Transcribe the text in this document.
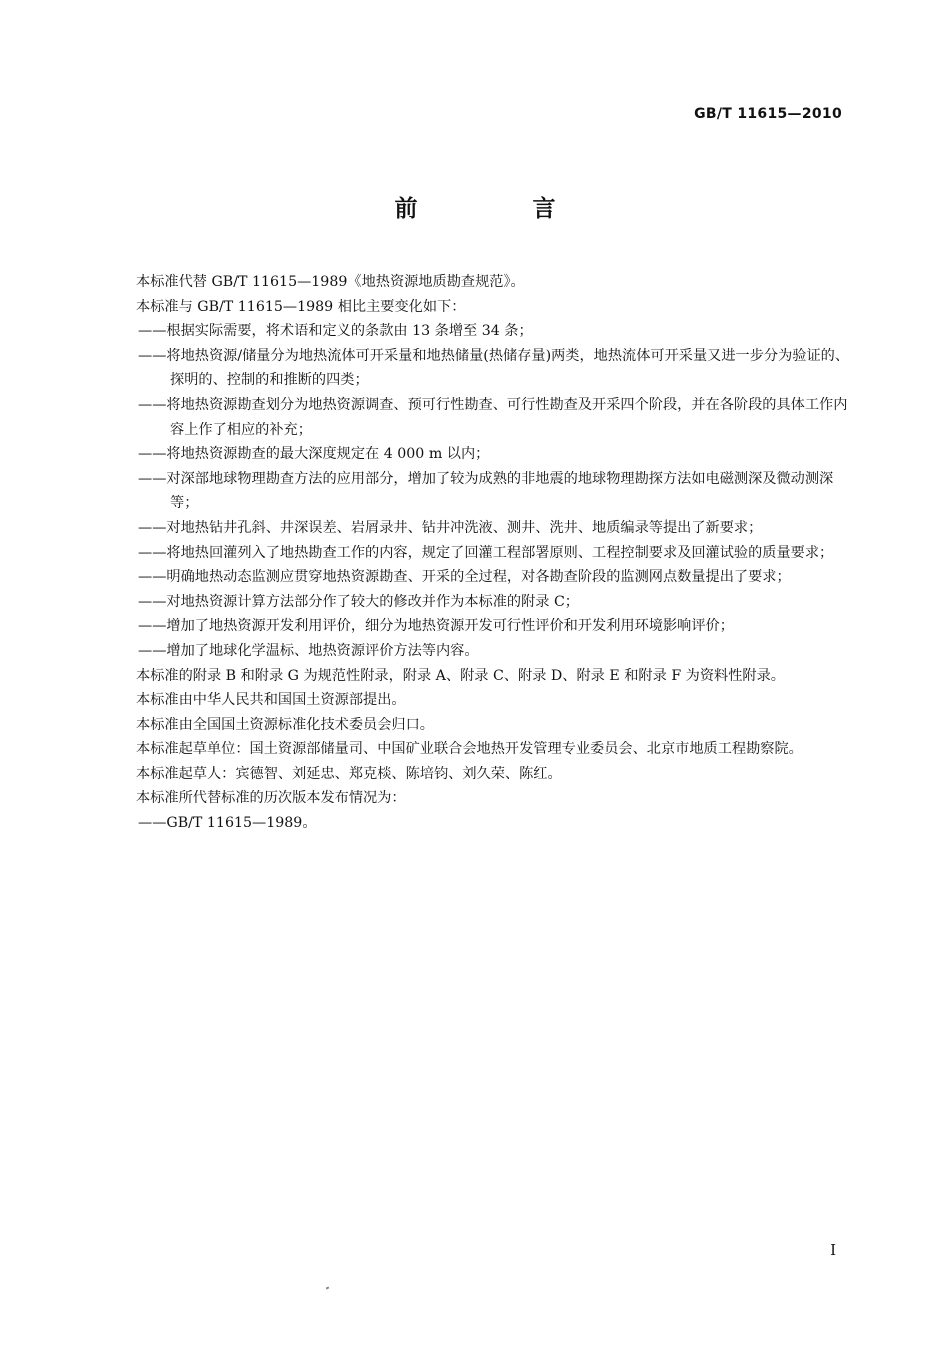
GB/T 11615—2010
前　言

本标准代替 GB/T 11615—1989《地热资源地质勘查规范》。

本标准与 GB/T 11615—1989 相比主要变化如下：

——根据实际需要，将术语和定义的条款由 13 条增至 34 条；

——将地热资源/储量分为地热流体可开采量和地热储量(热储存量)两类，地热流体可开采量又进一步分为验证的、探明的、控制的和推断的四类；

——将地热资源勘查划分为地热资源调查、预可行性勘查、可行性勘查及开采四个阶段，并在各阶段的具体工作内容上作了相应的补充；

——将地热资源勘查的最大深度规定在 4 000 m 以内；

——对深部地球物理勘查方法的应用部分，增加了较为成熟的非地震的地球物理勘探方法如电磁测深及微动测深等；

——对地热钻井孔斜、井深误差、岩屑录井、钻井冲洗液、测井、洗井、地质编录等提出了新要求；

——将地热回灌列入了地热勘查工作的内容，规定了回灌工程部署原则、工程控制要求及回灌试验的质量要求；

——明确地热动态监测应贯穿地热资源勘查、开采的全过程，对各勘查阶段的监测网点数量提出了要求；

——对地热资源计算方法部分作了较大的修改并作为本标准的附录 C；

——增加了地热资源开发利用评价，细分为地热资源开发可行性评价和开发利用环境影响评价；

——增加了地球化学温标、地热资源评价方法等内容。

本标准的附录 B 和附录 G 为规范性附录，附录 A、附录 C、附录 D、附录 E 和附录 F 为资料性附录。

本标准由中华人民共和国国土资源部提出。

本标准由全国国土资源标准化技术委员会归口。

本标准起草单位：国土资源部储量司、中国矿业联合会地热开发管理专业委员会、北京市地质工程勘察院。

本标准起草人：宾德智、刘延忠、郑克棪、陈培钧、刘久荣、陈红。

本标准所代替标准的历次版本发布情况为：

——GB/T 11615—1989。

I
